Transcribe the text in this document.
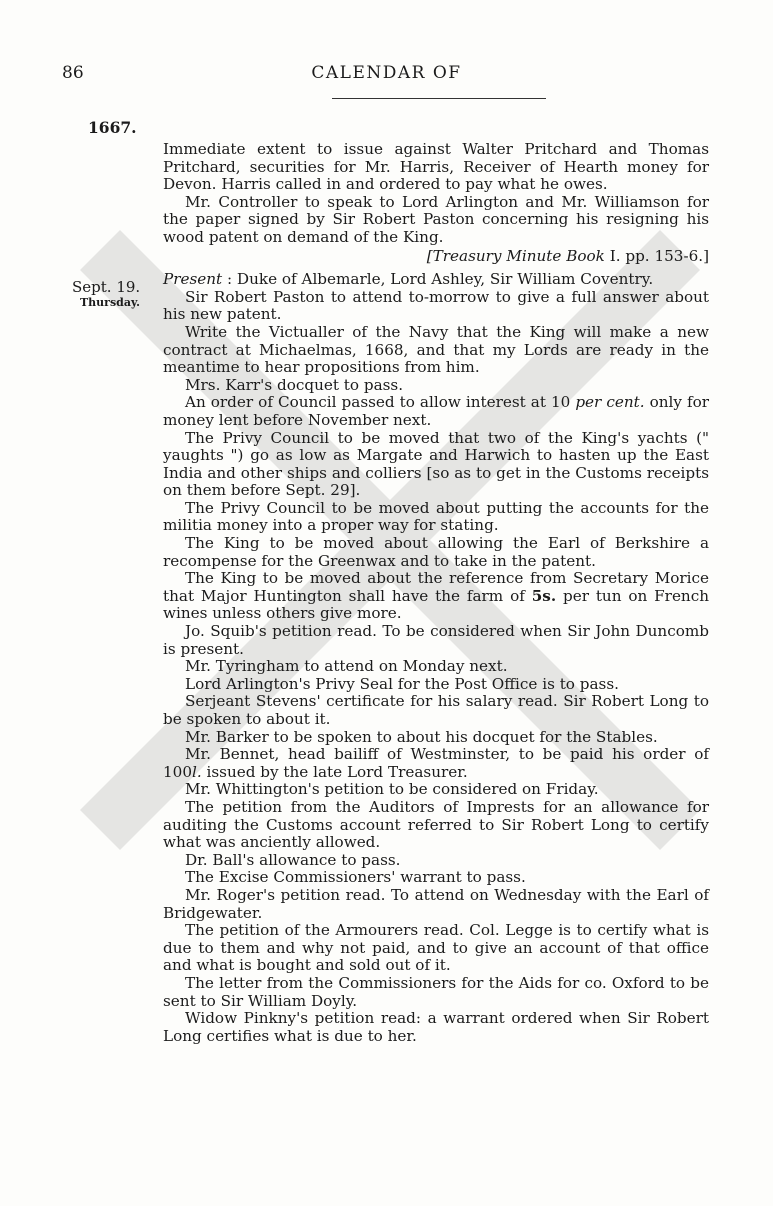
86	CALENDAR OF
1667.
Sept. 19.
Thursday.

Immediate extent to issue against Walter Pritchard and Thomas Pritchard, securities for Mr. Harris, Receiver of Hearth money for Devon. Harris called in and ordered to pay what he owes.

Mr. Controller to speak to Lord Arlington and Mr. Williamson for the paper signed by Sir Robert Paston concerning his resigning his wood patent on demand of the King.

[Treasury Minute Book I. pp. 153-6.]

Present : Duke of Albemarle, Lord Ashley, Sir William Coventry.

Sir Robert Paston to attend to-morrow to give a full answer about his new patent.

Write the Victualler of the Navy that the King will make a new contract at Michaelmas, 1668, and that my Lords are ready in the meantime to hear propositions from him.

Mrs. Karr's docquet to pass.

An order of Council passed to allow interest at 10 per cent. only for money lent before November next.

The Privy Council to be moved that two of the King's yachts (" yaughts ") go as low as Margate and Harwich to hasten up the East India and other ships and colliers [so as to get in the Customs receipts on them before Sept. 29].

The Privy Council to be moved about putting the accounts for the militia money into a proper way for stating.

The King to be moved about allowing the Earl of Berkshire a recompense for the Greenwax and to take in the patent.

The King to be moved about the reference from Secretary Morice that Major Huntington shall have the farm of 5s. per tun on French wines unless others give more.

Jo. Squib's petition read. To be considered when Sir John Duncomb is present.

Mr. Tyringham to attend on Monday next.

Lord Arlington's Privy Seal for the Post Office is to pass.

Serjeant Stevens' certificate for his salary read. Sir Robert Long to be spoken to about it.

Mr. Barker to be spoken to about his docquet for the Stables.

Mr. Bennet, head bailiff of Westminster, to be paid his order of 100l. issued by the late Lord Treasurer.

Mr. Whittington's petition to be considered on Friday.

The petition from the Auditors of Imprests for an allowance for auditing the Customs account referred to Sir Robert Long to certify what was anciently allowed.

Dr. Ball's allowance to pass.

The Excise Commissioners' warrant to pass.

Mr. Roger's petition read. To attend on Wednesday with the Earl of Bridgewater.

The petition of the Armourers read. Col. Legge is to certify what is due to them and why not paid, and to give an account of that office and what is bought and sold out of it.

The letter from the Commissioners for the Aids for co. Oxford to be sent to Sir William Doyly.

Widow Pinkny's petition read: a warrant ordered when Sir Robert Long certifies what is due to her.
